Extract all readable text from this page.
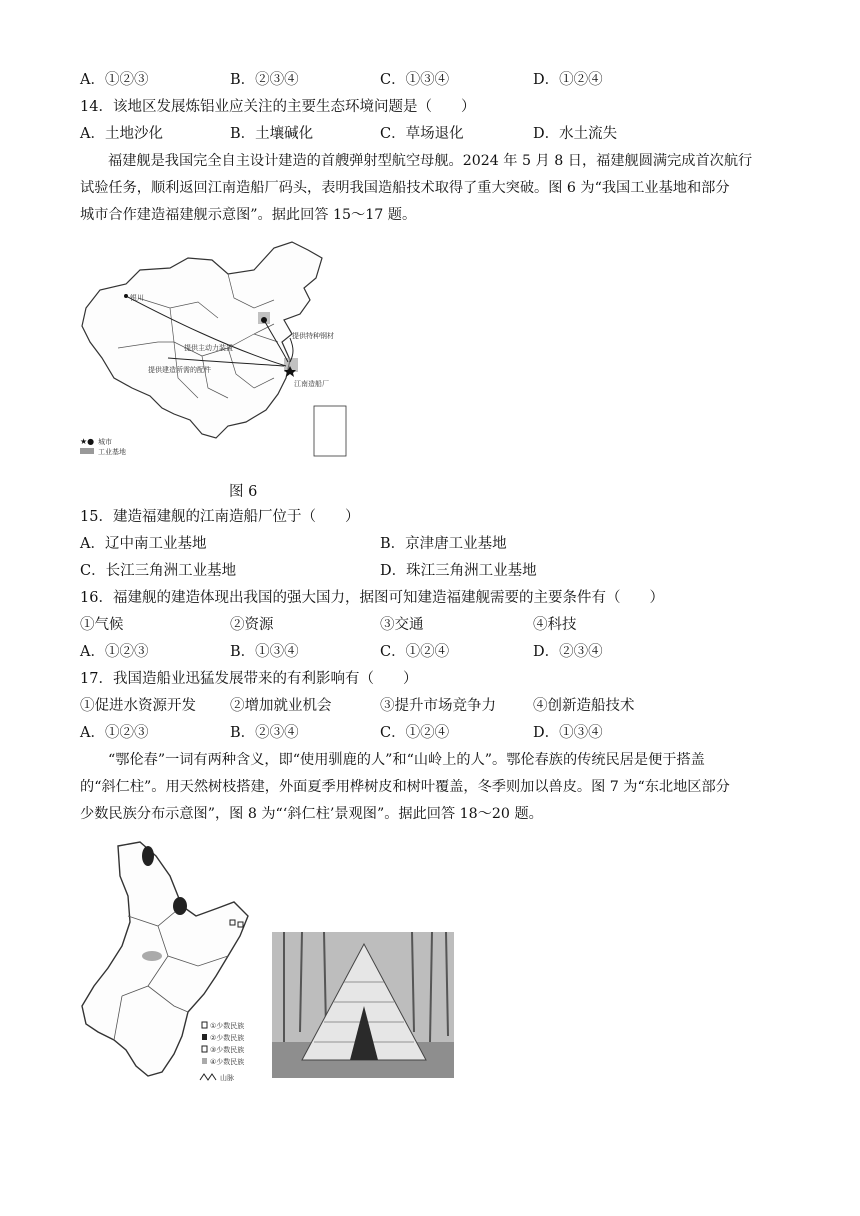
A．①②③	B．②③④	C．①③④	D．①②④
14．该地区发展炼铝业应关注的主要生态环境问题是（　　）
A．土地沙化	B．土壤碱化	C．草场退化	D．水土流失
福建舰是我国完全自主设计建造的首艘弹射型航空母舰。2024 年 5 月 8 日，福建舰圆满完成首次航行
试验任务，顺利返回江南造船厂码头，表明我国造船技术取得了重大突破。图 6 为“我国工业基地和部分
城市合作建造福建舰示意图”。据此回答 15～17 题。
银川
提供特种钢材
提供主动力装置
提供建造所需的配件
江南造船厂
★● 城市
工业基地
图 6
15．建造福建舰的江南造船厂位于（　　）
A．辽中南工业基地	B．京津唐工业基地
C．长江三角洲工业基地	D．珠江三角洲工业基地
16．福建舰的建造体现出我国的强大国力，据图可知建造福建舰需要的主要条件有（　　）
①气候	②资源	③交通	④科技
A．①②③	B．①③④	C．①②④	D．②③④
17．我国造船业迅猛发展带来的有利影响有（　　）
①促进水资源开发 ②增加就业机会	③提升市场竞争力	④创新造船技术
A．①②③	B．②③④	C．①②④	D．①③④
“鄂伦春”一词有两种含义，即“使用驯鹿的人”和“山岭上的人”。鄂伦春族的传统民居是便于搭盖
的“斜仁柱”。用天然树枝搭建，外面夏季用桦树皮和树叶覆盖，冬季则加以兽皮。图 7 为“东北地区部分
少数民族分布示意图”，图 8 为“‘斜仁柱’景观图”。据此回答 18～20 题。
①少数民族
②少数民族
③少数民族
④少数民族
山脉
